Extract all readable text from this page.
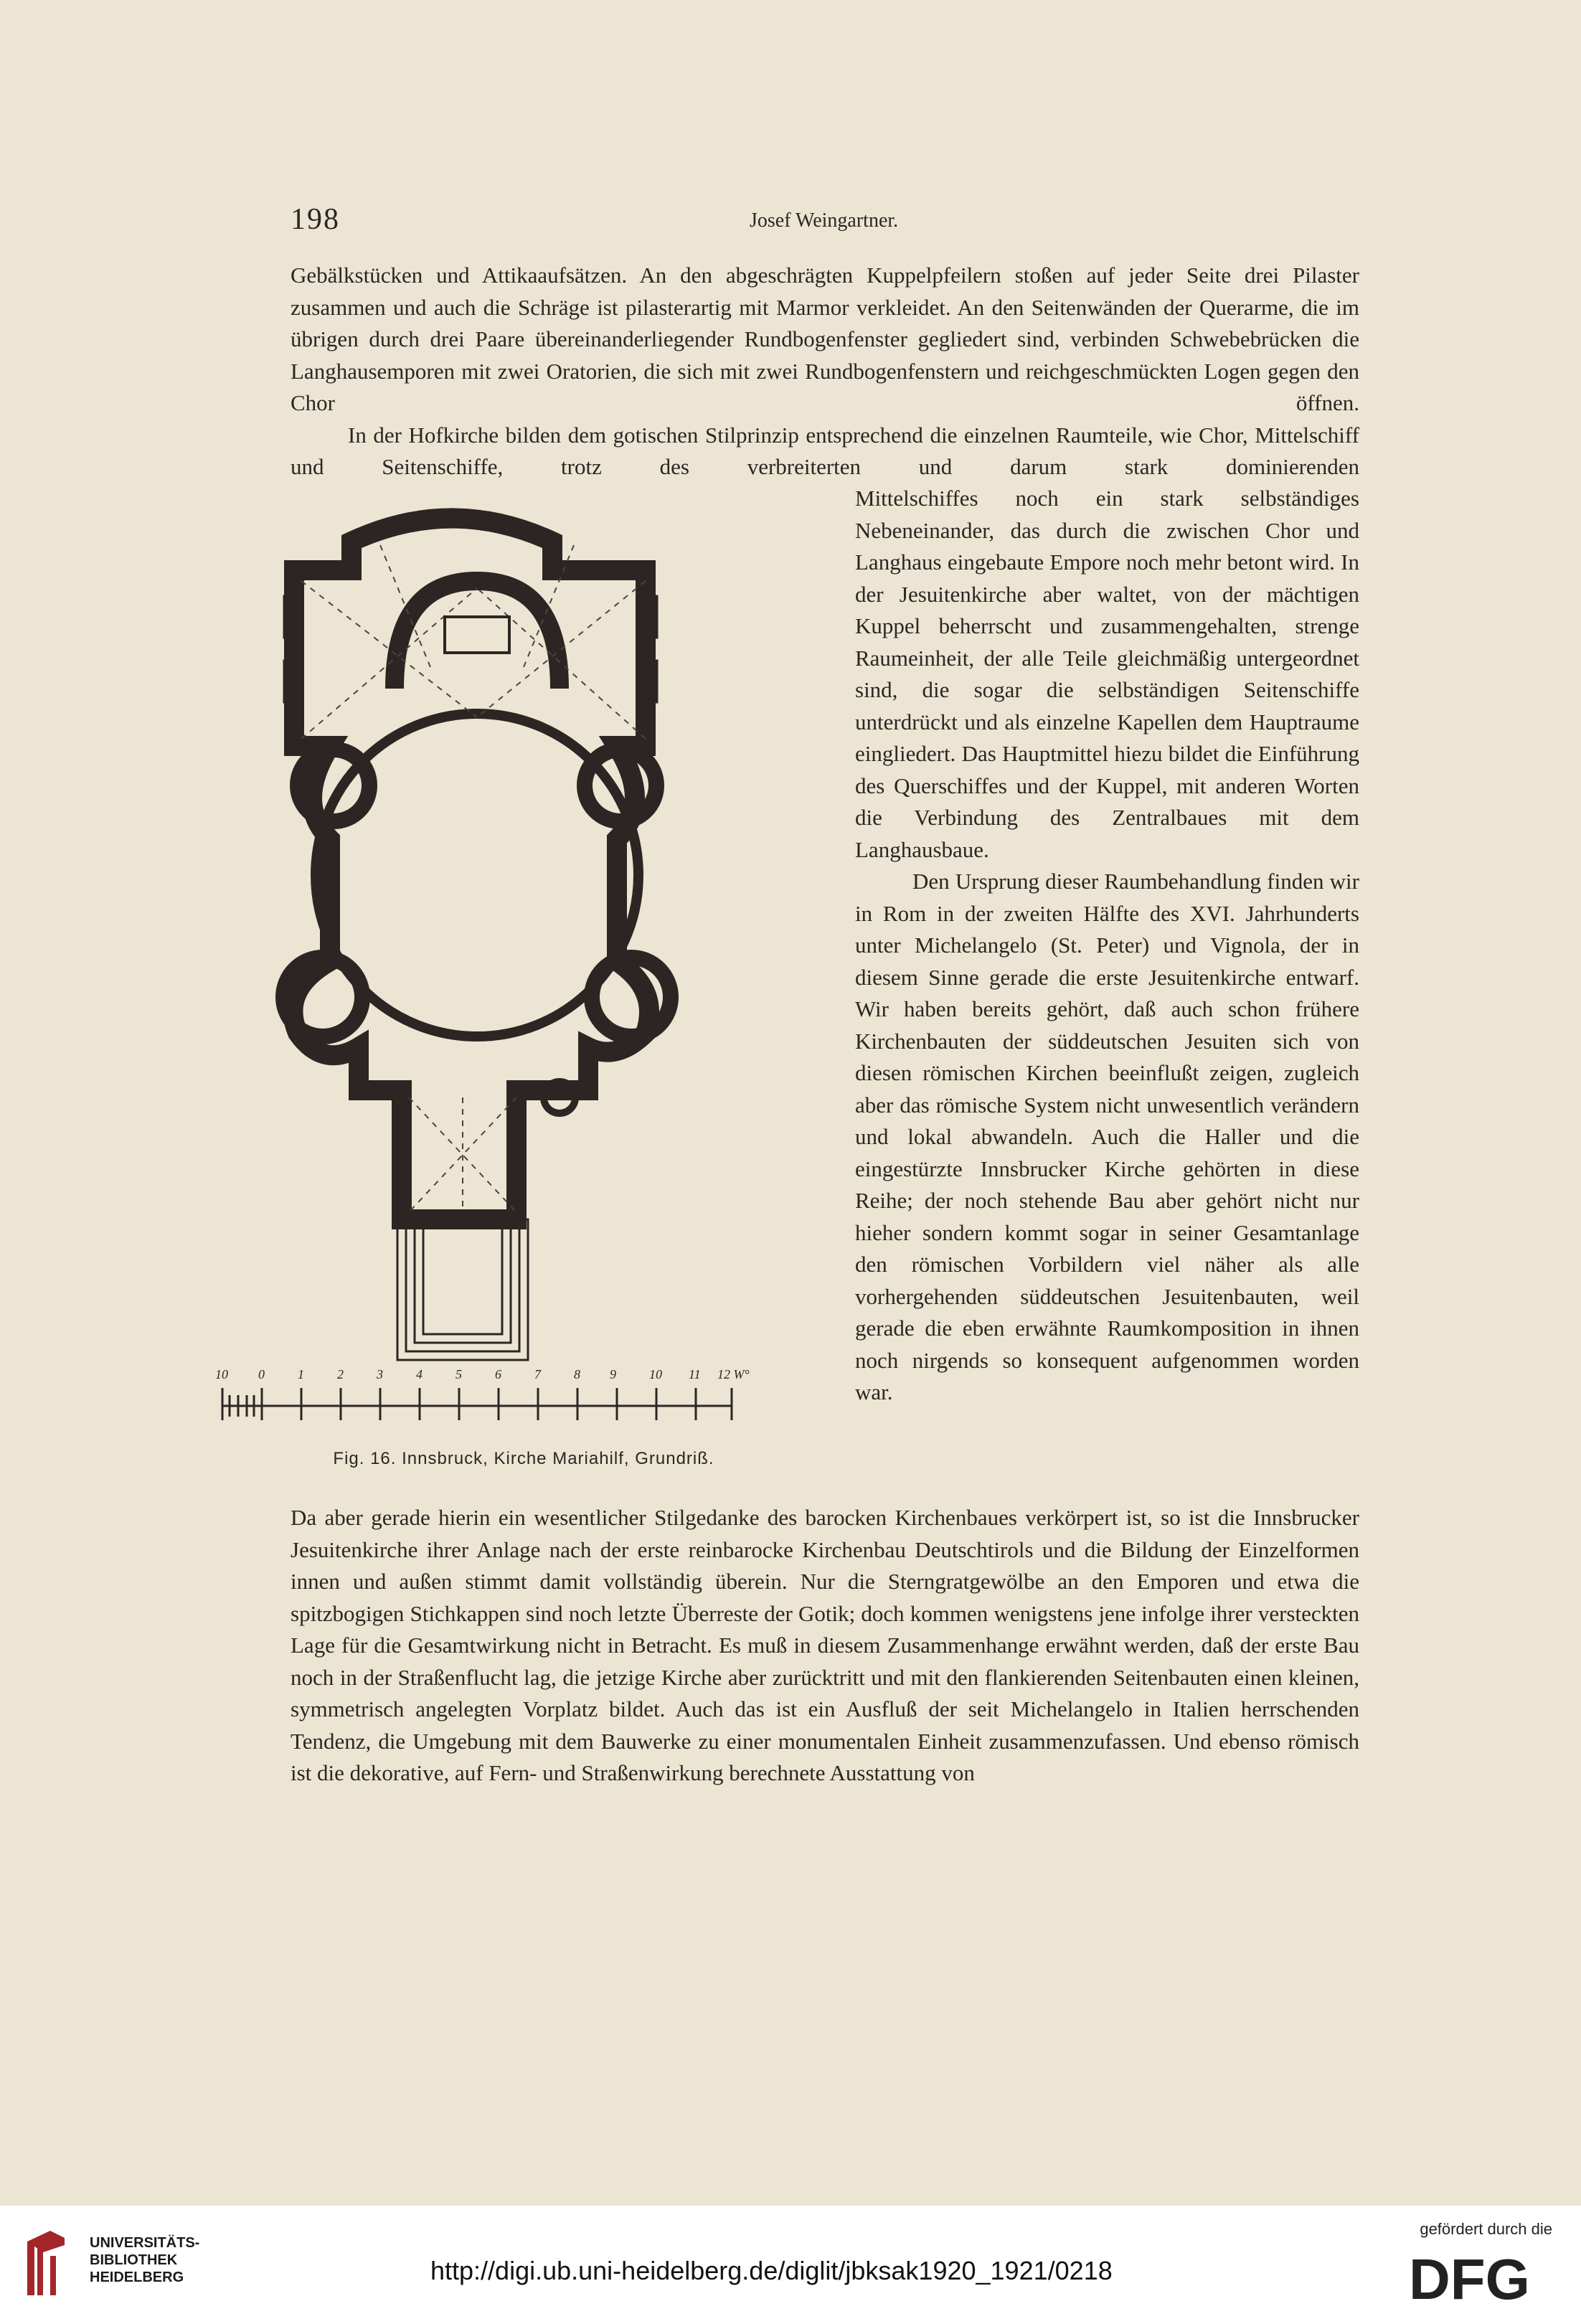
198	Josef Weingartner.

Gebälkstücken und Attikaaufsätzen. An den abgeschrägten Kuppelpfeilern stoßen auf jeder Seite drei Pilaster zusammen und auch die Schräge ist pilasterartig mit Marmor verkleidet. An den Seitenwänden der Querarme, die im übrigen durch drei Paare übereinanderliegender Rundbogenfenster gegliedert sind, verbinden Schwebebrücken die Langhausemporen mit zwei Oratorien, die sich mit zwei Rundbogenfenstern und reichgeschmückten Logen gegen den Chor öffnen.

In der Hofkirche bilden dem gotischen Stilprinzip entsprechend die einzelnen Raumteile, wie Chor, Mittelschiff und Seitenschiffe, trotz des verbreiterten und darum stark dominierenden

10 0	1	2	3	4	5	6	7	8 9	10 11 12 W°
Fig. 16. Innsbruck, Kirche Mariahilf, Grundriß.

Mittelschiffes noch ein stark selbständiges Nebeneinander, das durch die zwischen Chor und Langhaus eingebaute Empore noch mehr betont wird. In der Jesuitenkirche aber waltet, von der mächtigen Kuppel beherrscht und zusammengehalten, strenge Raumeinheit, der alle Teile gleichmäßig untergeordnet sind, die sogar die selbständigen Seitenschiffe unterdrückt und als einzelne Kapellen dem Hauptraume eingliedert. Das Hauptmittel hiezu bildet die Einführung des Querschiffes und der Kuppel, mit anderen Worten die Verbindung des Zentralbaues mit dem Langhausbaue.

Den Ursprung dieser Raumbehandlung finden wir in Rom in der zweiten Hälfte des XVI. Jahrhunderts unter Michelangelo (St. Peter) und Vignola, der in diesem Sinne gerade die erste Jesuitenkirche entwarf. Wir haben bereits gehört, daß auch schon frühere Kirchenbauten der süddeutschen Jesuiten sich von diesen römischen Kirchen beeinflußt zeigen, zugleich aber das römische System nicht unwesentlich verändern und lokal abwandeln. Auch die Haller und die eingestürzte Innsbrucker Kirche gehörten in diese Reihe; der noch stehende Bau aber gehört nicht nur hieher sondern kommt sogar in seiner Gesamtanlage den römischen Vorbildern viel näher als alle vorhergehenden süddeutschen Jesuitenbauten, weil gerade die eben erwähnte Raumkomposition in ihnen noch nirgends so konsequent aufgenommen worden war.

Da aber gerade hierin ein wesentlicher Stilgedanke des barocken Kirchenbaues verkörpert ist, so ist die Innsbrucker Jesuitenkirche ihrer Anlage nach der erste reinbarocke Kirchenbau Deutschtirols und die Bildung der Einzelformen innen und außen stimmt damit vollständig überein. Nur die Sterngratgewölbe an den Emporen und etwa die spitzbogigen Stichkappen sind noch letzte Überreste der Gotik; doch kommen wenigstens jene infolge ihrer versteckten Lage für die Gesamtwirkung nicht in Betracht. Es muß in diesem Zusammenhange erwähnt werden, daß der erste Bau noch in der Straßenflucht lag, die jetzige Kirche aber zurücktritt und mit den flankierenden Seitenbauten einen kleinen, symmetrisch angelegten Vorplatz bildet. Auch das ist ein Ausfluß der seit Michelangelo in Italien herrschenden Tendenz, die Umgebung mit dem Bauwerke zu einer monumentalen Einheit zusammenzufassen. Und ebenso römisch ist die dekorative, auf Fern- und Straßenwirkung berechnete Ausstattung von

UNIVERSITÄTS-
BIBLIOTHEK
HEIDELBERG	http://digi.ub.uni-heidelberg.de/diglit/jbksak1920_1921/0218
gefördert durch die
DFG
